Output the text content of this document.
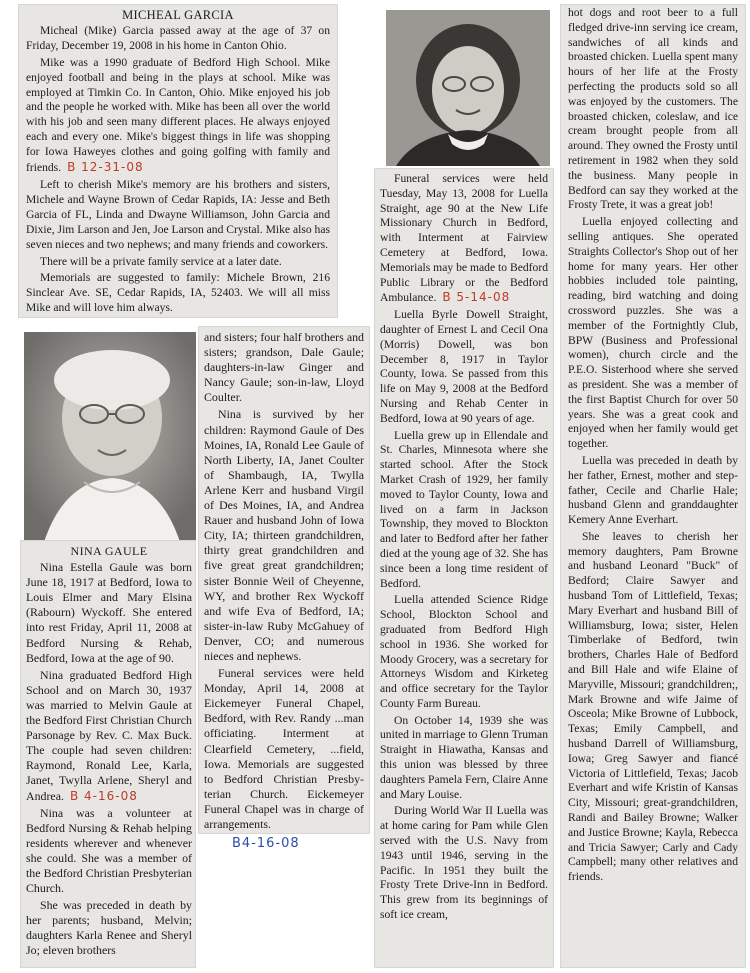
MICHEAL GARCIA

Micheal (Mike) Garcia passed away at the age of 37 on Friday, December 19, 2008 in his home in Canton Ohio.

Mike was a 1990 graduate of Bedford High School. Mike enjoyed football and being in the plays at school. Mike was employed at Timkin Co. In Canton, Ohio. Mike enjoyed his job and the people he worked with. Mike has been all over the world with his job and seen many different places. He always enjoyed each and every one. Mike's biggest things in life was shopping for Iowa Haweyes clothes and going golfing with family and friends. B 12-31-08

Left to cherish Mike's memory are his brothers and sisters, Michele and Wayne Brown of Cedar Rapids, IA: Jesse and Beth Garcia of FL, Linda and Dwayne Williamson, John Garcia and Dixie, Jim Larson and Jen, Joe Larson and Crystal. Mike also has seven nieces and two nephews; and many friends and coworkers.

There will be a private family service at a later date.

Memorials are suggested to family: Michele Brown, 216 Sinclear Ave. SE, Cedar Rapids, IA, 52403. We will all miss Mike and will love him always.

NINA GAULE

Nina Estella Gaule was born June 18, 1917 at Bedford, Iowa to Louis Elmer and Mary Elsina (Rabourn) Wyckoff. She entered into rest Friday, April 11, 2008 at Bedford Nursing & Rehab, Bedford, Iowa at the age of 90.

Nina graduated Bedford High School and on March 30, 1937 was married to Melvin Gaule at the Bedford First Christian Church Parsonage by Rev. C. Max Buck. The couple had seven children: Raymond, Ronald Lee, Karla, Janet, Twylla Arlene, Sheryl and Andrea. B 4-16-08

Nina was a volunteer at Bedford Nursing & Rehab helping residents wherever and whenever she could. She was a member of the Bedford Christian Presbyterian Church.

She was preceded in death by her parents; husband, Melvin; daughters Karla Renee and Sheryl Jo; eleven brothers

and sisters; four half brothers and sisters; grandson, Dale Gaule; daughters-in-law Ginger and Nancy Gaule; son-in-law, Lloyd Coulter.

Nina is survived by her children: Raymond Gaule of Des Moines, IA, Ronald Lee Gaule of North Liberty, IA, Janet Coulter of Shambaugh, IA, Twylla Arlene Kerr and husband Virgil of Des Moines, IA, and Andrea Rauer and husband John of Iowa City, IA; thirteen grandchildren, thirty great grandchildren and five great great grandchildren; sister Bonnie Weil of Cheyenne, WY, and brother Rex Wyckoff and wife Eva of Bedford, IA; sister-in-law Ruby McGahuey of Denver, CO; and numerous nieces and nephews.

Funeral services were held Monday, April 14, 2008 at Eickemeyer Funeral Chapel, Bedford, with Rev. Randy ...man officiating. Interment at Clearfield Cemetery, ...field, Iowa. Memorials are suggested to Bedford Christian Presby-terian Church. Eickemeyer Funeral Chapel was in charge of arrangements.

B4-16-08

Funeral services were held Tuesday, May 13, 2008 for Luella Straight, age 90 at the New Life Missionary Church in Bedford, with Interment at Fairview Cemetery at Bedford, Iowa. Memorials may be made to Bedford Public Library or the Bedford Ambulance. B 5-14-08

Luella Byrle Dowell Straight, daughter of Ernest L and Cecil Ona (Morris) Dowell, was bon December 8, 1917 in Taylor County, Iowa. Se passed from this life on May 9, 2008 at the Bedford Nursing and Rehab Center in Bedford, Iowa at 90 years of age.

Luella grew up in Ellendale and St. Charles, Minnesota where she started school. After the Stock Market Crash of 1929, her family moved to Taylor County, Iowa and lived on a farm in Jackson Township, they moved to Blockton and later to Bedford after her father died at the young age of 32. She has since been a long time resident of Bedford.

Luella attended Science Ridge School, Blockton School and graduated from Bedford High school in 1936. She worked for Moody Grocery, was a secretary for Attorneys Wisdom and Kirketeg and office secretary for the Taylor County Farm Bureau.

On October 14, 1939 she was united in marriage to Glenn Truman Straight in Hiawatha, Kansas and this union was blessed by three daughters Pamela Fern, Claire Anne and Mary Louise.

During World War II Luella was at home caring for Pam while Glen served with the U.S. Navy from 1943 until 1946, serving in the Pacific. In 1951 they built the Frosty Trete Drive-Inn in Bedford. This grew from its beginnings of soft ice cream,

hot dogs and root beer to a full fledged drive-inn serving ice cream, sandwiches of all kinds and broasted chicken. Luella spent many hours of her life at the Frosty perfecting the products sold so all was enjoyed by the customers. The broasted chicken, coleslaw, and ice cream brought people from all around. They owned the Frosty until retirement in 1982 when they sold the business. Many people in Bedford can say they worked at the Frosty Trete, it was a great job!

Luella enjoyed collecting and selling antiques. She operated Straights Collector's Shop out of her home for many years. Her other hobbies included tole painting, reading, bird watching and doing crossword puzzles. She was a member of the Fortnightly Club, BPW (Business and Professional women), church circle and the P.E.O. Sisterhood where she served as president. She was a member of the first Baptist Church for over 50 years. She was a great cook and enjoyed when her family would get together.

Luella was preceded in death by her father, Ernest, mother and step-father, Cecile and Charlie Hale; husband Glenn and granddaughter Kemery Anne Everhart.

She leaves to cherish her memory daughters, Pam Browne and husband Leonard "Buck" of Bedford; Claire Sawyer and husband Tom of Littlefield, Texas; Mary Everhart and husband Bill of Williamsburg, Iowa; sister, Helen Timberlake of Bedford, twin brothers, Charles Hale of Bedford and Bill Hale and wife Elaine of Maryville, Missouri; grandchildren;, Mark Browne and wife Jaime of Osceola; Mike Browne of Lubbock, Texas; Emily Campbell, and husband Darrell of Williamsburg, Iowa; Greg Sawyer and fiancé Victoria of Littlefield, Texas; Jacob Everhart and wife Kristin of Kansas City, Missouri; great-grandchildren, Randi and Bailey Browne; Walker and Justice Browne; Kayla, Rebecca and Tricia Sawyer; Carly and Cady Campbell; many other relatives and friends.
